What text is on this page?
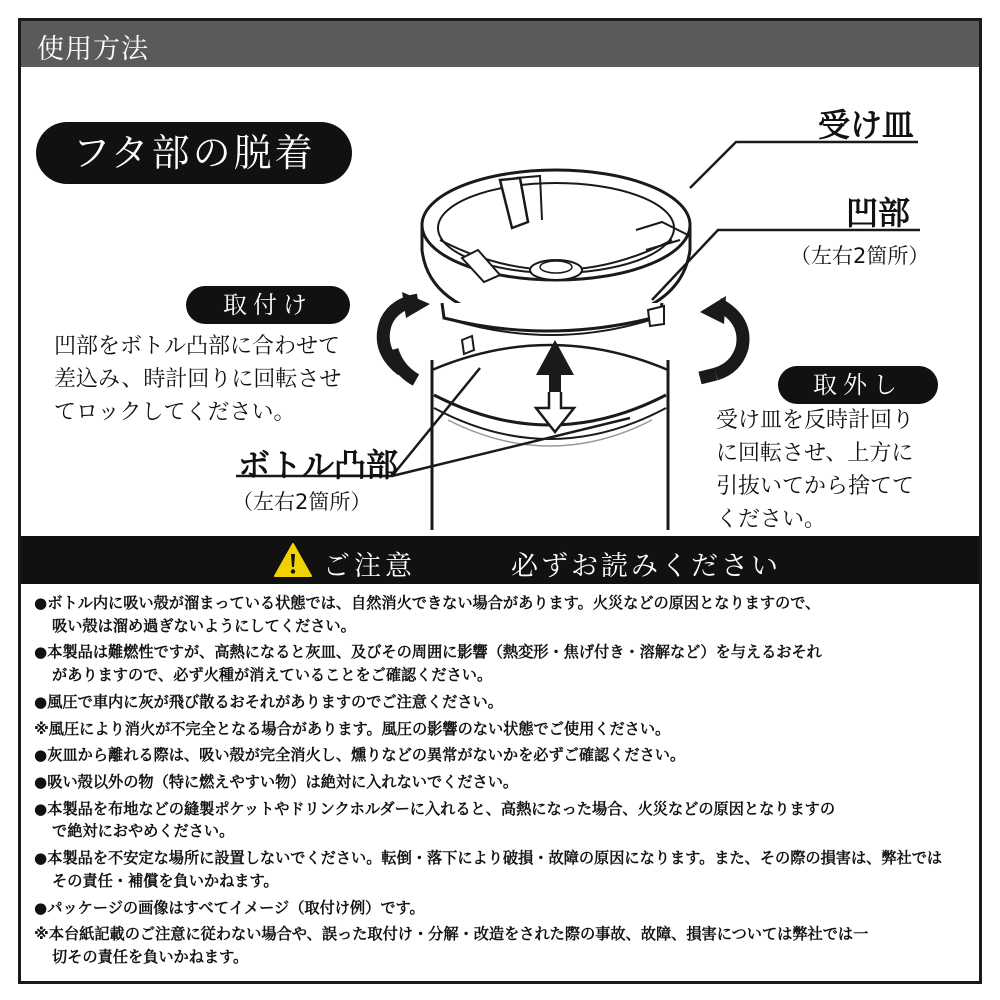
使用方法
フタ部の脱着
受け皿
凹部
（左右2箇所）
ボトル凸部
（左右2箇所）
取付け
凹部をボトル凸部に合わせて
差込み、時計回りに回転させ
てロックしてください。
取外し
受け皿を反時計回り
に回転させ、上方に
引抜いてから捨てて
ください。
ご注意	必ずお読みください
●ボトル内に吸い殻が溜まっている状態では、自然消火できない場合があります。火災などの原因となりますので、
吸い殻は溜め過ぎないようにしてください。
●本製品は難燃性ですが、高熱になると灰皿、及びその周囲に影響（熱変形・焦げ付き・溶解など）を与えるおそれ
がありますので、必ず火種が消えていることをご確認ください。
●風圧で車内に灰が飛び散るおそれがありますのでご注意ください。
※風圧により消火が不完全となる場合があります。風圧の影響のない状態でご使用ください。
●灰皿から離れる際は、吸い殻が完全消火し、燻りなどの異常がないかを必ずご確認ください。
●吸い殻以外の物（特に燃えやすい物）は絶対に入れないでください。
●本製品を布地などの縫製ポケットやドリンクホルダーに入れると、高熱になった場合、火災などの原因となりますの
で絶対におやめください。
●本製品を不安定な場所に設置しないでください。転倒・落下により破損・故障の原因になります。また、その際の損害は、弊社では
その責任・補償を負いかねます。
●パッケージの画像はすべてイメージ（取付け例）です。
※本台紙記載のご注意に従わない場合や、誤った取付け・分解・改造をされた際の事故、故障、損害については弊社では一
切その責任を負いかねます。
